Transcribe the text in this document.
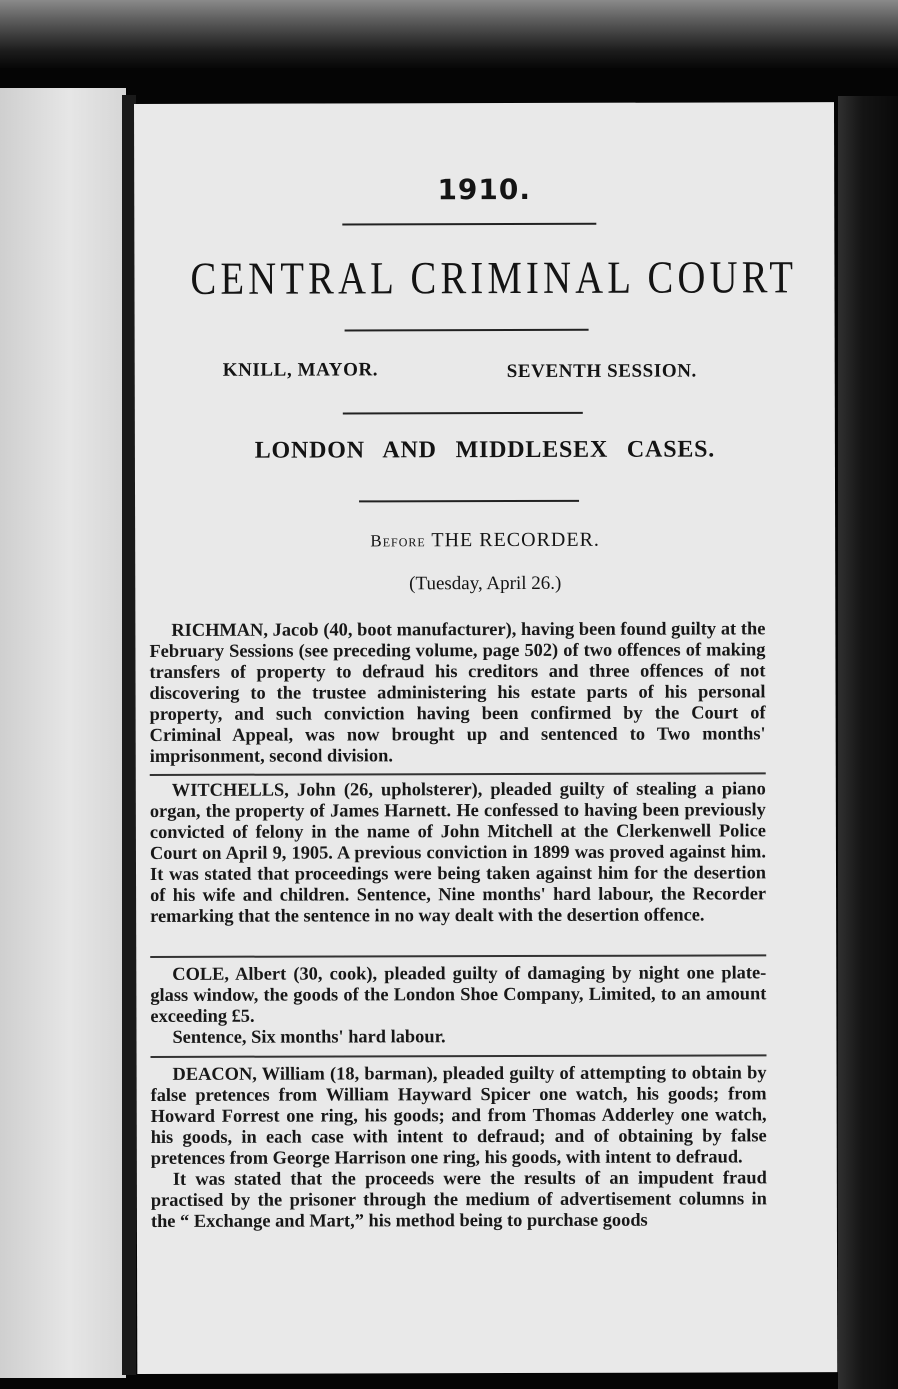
1910.
CENTRAL CRIMINAL COURT
KNILL, MAYOR.	SEVENTH SESSION.
LONDON AND MIDDLESEX CASES.
Before THE RECORDER.
(Tuesday, April 26.)

RICHMAN, Jacob (40, boot manufacturer), having been found guilty at the February Sessions (see preceding volume, page 502) of two offences of making transfers of property to defraud his creditors and three offences of not discovering to the trustee administering his estate parts of his personal property, and such conviction having been confirmed by the Court of Criminal Appeal, was now brought up and sentenced to Two months' imprisonment, second division.

WITCHELLS, John (26, upholsterer), pleaded guilty of stealing a piano organ, the property of James Harnett. He confessed to having been previously convicted of felony in the name of John Mitchell at the Clerkenwell Police Court on April 9, 1905. A previous conviction in 1899 was proved against him. It was stated that proceedings were being taken against him for the desertion of his wife and children. Sentence, Nine months' hard labour, the Recorder remarking that the sentence in no way dealt with the desertion offence.

COLE, Albert (30, cook), pleaded guilty of damaging by night one plate-glass window, the goods of the London Shoe Company, Limited, to an amount exceeding £5.

Sentence, Six months' hard labour.

DEACON, William (18, barman), pleaded guilty of attempting to obtain by false pretences from William Hayward Spicer one watch, his goods; from Howard Forrest one ring, his goods; and from Thomas Adderley one watch, his goods, in each case with intent to defraud; and of obtaining by false pretences from George Harrison one ring, his goods, with intent to defraud.

It was stated that the proceeds were the results of an impudent fraud practised by the prisoner through the medium of advertisement columns in the “ Exchange and Mart,” his method being to purchase goods
